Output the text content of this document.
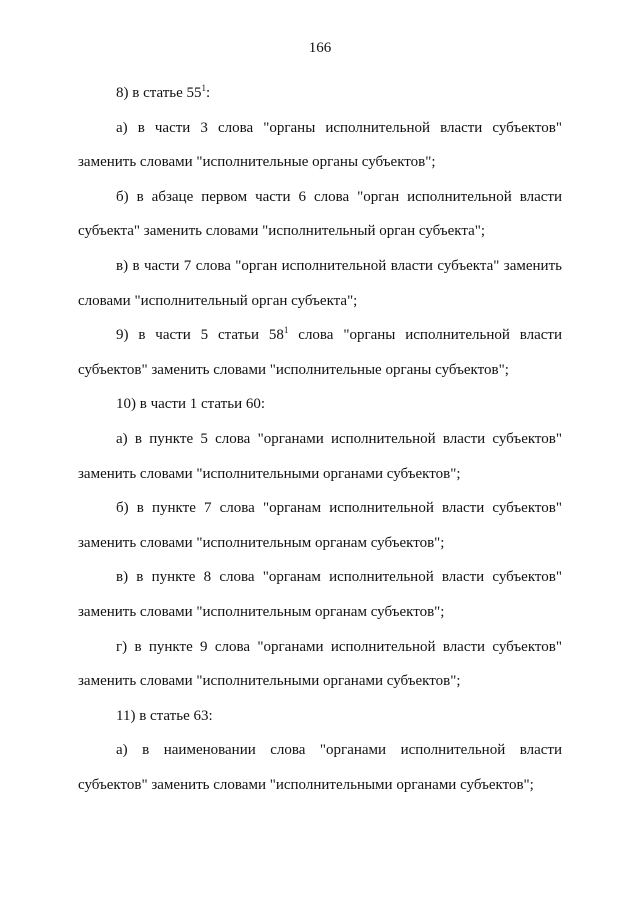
166

8) в статье $55^1$:

а) в части 3 слова "органы исполнительной власти субъектов"

заменить словами "исполнительные органы субъектов";

б) в абзаце первом части 6 слова "орган исполнительной власти

субъекта" заменить словами "исполнительный орган субъекта";

в) в части 7 слова "орган исполнительной власти субъекта" заменить

словами "исполнительный орган субъекта";

9) в части 5 статьи $58^1$ слова "органы исполнительной власти

субъектов" заменить словами "исполнительные органы субъектов";

10) в части 1 статьи 60:

а) в пункте 5 слова "органами исполнительной власти субъектов"

заменить словами "исполнительными органами субъектов";

б) в пункте 7 слова "органам исполнительной власти субъектов"

заменить словами "исполнительным органам субъектов";

в) в пункте 8 слова "органам исполнительной власти субъектов"

заменить словами "исполнительным органам субъектов";

г) в пункте 9 слова "органами исполнительной власти субъектов"

заменить словами "исполнительными органами субъектов";

11) в статье 63:

а) в наименовании слова "органами исполнительной власти

субъектов" заменить словами "исполнительными органами субъектов";
